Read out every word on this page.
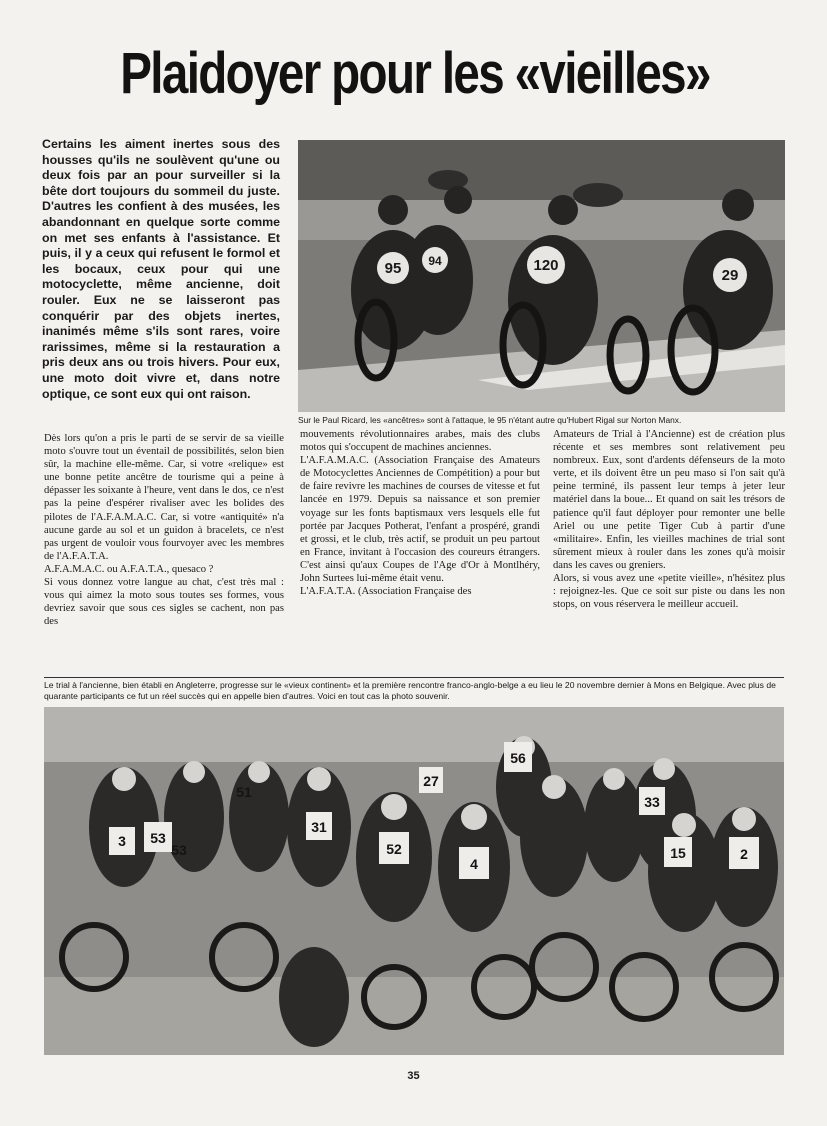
Plaidoyer pour les «vieilles»
Certains les aiment inertes sous des housses qu'ils ne soulèvent qu'une ou deux fois par an pour surveiller si la bête dort toujours du sommeil du juste. D'autres les confient à des musées, les abandonnant en quelque sorte comme on met ses enfants à l'assistance. Et puis, il y a ceux qui refusent le formol et les bocaux, ceux pour qui une motocyclette, même ancienne, doit rouler. Eux ne se laisseront pas conquérir par des objets inertes, inanimés même s'ils sont rares, voire rarissimes, même si la restauration a pris deux ans ou trois hivers. Pour eux, une moto doit vivre et, dans notre optique, ce sont eux qui ont raison.
95 94	120
29
Sur le Paul Ricard, les «ancêtres» sont à l'attaque, le 95 n'étant autre qu'Hubert Rigal sur Norton Manx.

Dès lors qu'on a pris le parti de se servir de sa vieille moto s'ouvre tout un éventail de possibilités, selon bien sûr, la machine elle-même. Car, si votre «relique» est une bonne petite ancêtre de tourisme qui a peine à dépasser les soixante à l'heure, vent dans le dos, ce n'est pas la peine d'espérer rivaliser avec les bolides des pilotes de l'A.F.A.M.A.C. Car, si votre «antiquité» n'a aucune garde au sol et un guidon à bracelets, ce n'est pas urgent de vouloir vous fourvoyer avec les membres de l'A.F.A.T.A.

A.F.A.M.A.C. ou A.F.A.T.A., quesaco ?

Si vous donnez votre langue au chat, c'est très mal : vous qui aimez la moto sous toutes ses formes, vous devriez savoir que sous ces sigles se cachent, non pas des

mouvements révolutionnaires arabes, mais des clubs motos qui s'occupent de machines anciennes.

L'A.F.A.M.A.C. (Association Française des Amateurs de Motocyclettes Anciennes de Compétition) a pour but de faire revivre les machines de courses de vitesse et fut lancée en 1979. Depuis sa naissance et son premier voyage sur les fonts baptismaux vers lesquels elle fut portée par Jacques Potherat, l'enfant a prospéré, grandi et grossi, et le club, très actif, se produit un peu partout en France, invitant à l'occasion des coureurs étrangers. C'est ainsi qu'aux Coupes de l'Age d'Or à Montlhéry, John Surtees lui-même était venu.

L'A.F.A.T.A. (Association Française des

Amateurs de Trial à l'Ancienne) est de création plus récente et ses membres sont relativement peu nombreux. Eux, sont d'ardents défenseurs de la moto verte, et ils doivent être un peu maso si l'on sait qu'à peine terminé, ils passent leur temps à jeter leur matériel dans la boue... Et quand on sait les trésors de patience qu'il faut déployer pour remonter une belle Ariel ou une petite Tiger Cub à partir d'une «militaire». Enfin, les vieilles machines de trial sont sûrement mieux à rouler dans les zones qu'à moisir dans les caves ou greniers.

Alors, si vous avez une «petite vieille», n'hésitez plus : rejoignez-les. Que ce soit sur piste ou dans les non stops, on vous réservera le meilleur accueil.

Le trial à l'ancienne, bien établi en Angleterre, progresse sur le «vieux continent» et la première rencontre franco-anglo-belge a eu lieu le 20 novembre dernier à Mons en Belgique. Avec plus de quarante participants ce fut un réel succès qui en appelle bien d'autres. Voici en tout cas la photo souvenir.
56
27
31
33
53
51
52
4
15	2
3
53
35
